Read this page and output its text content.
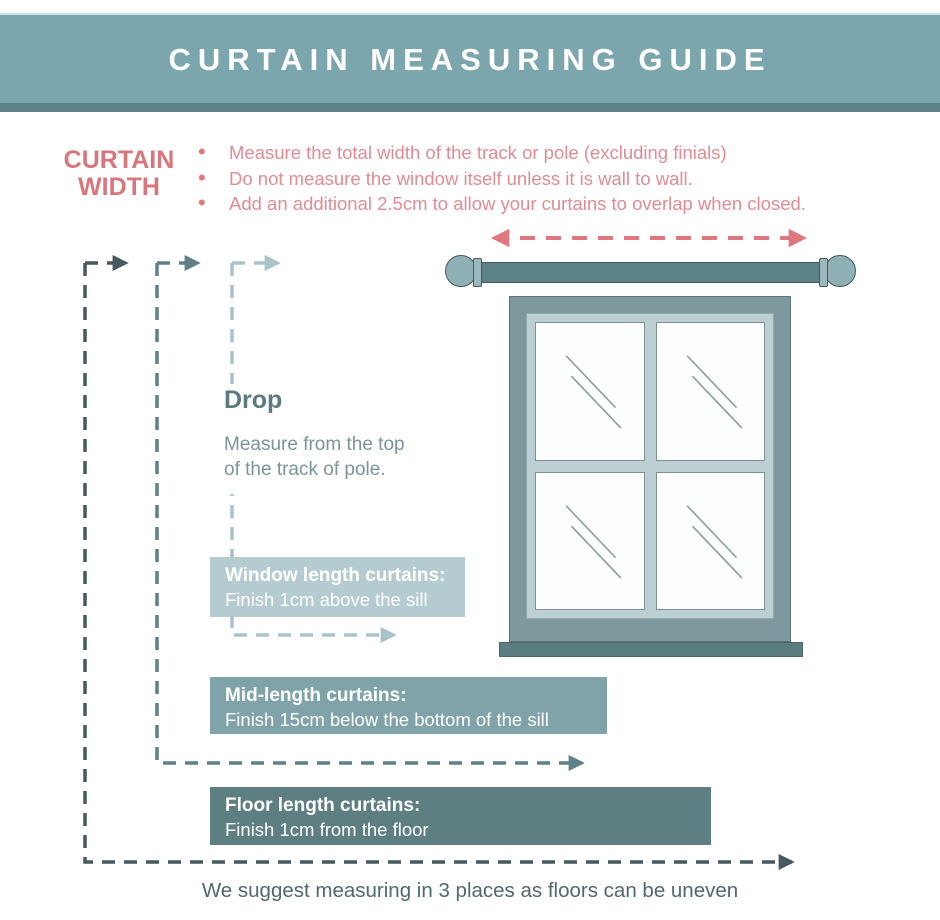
CURTAIN MEASURING GUIDE
CURTAIN
WIDTH
• Measure the total width of the track or pole (excluding finials)
• Do not measure the window itself unless it is wall to wall.
• Add an additional 2.5cm to allow your curtains to overlap when closed.
Drop
Measure from the top
of the track of pole.
Window length curtains:
Finish 1cm above the sill
Mid-length curtains:
Finish 15cm below the bottom of the sill
Floor length curtains:
Finish 1cm from the floor
We suggest measuring in 3 places as floors can be uneven
